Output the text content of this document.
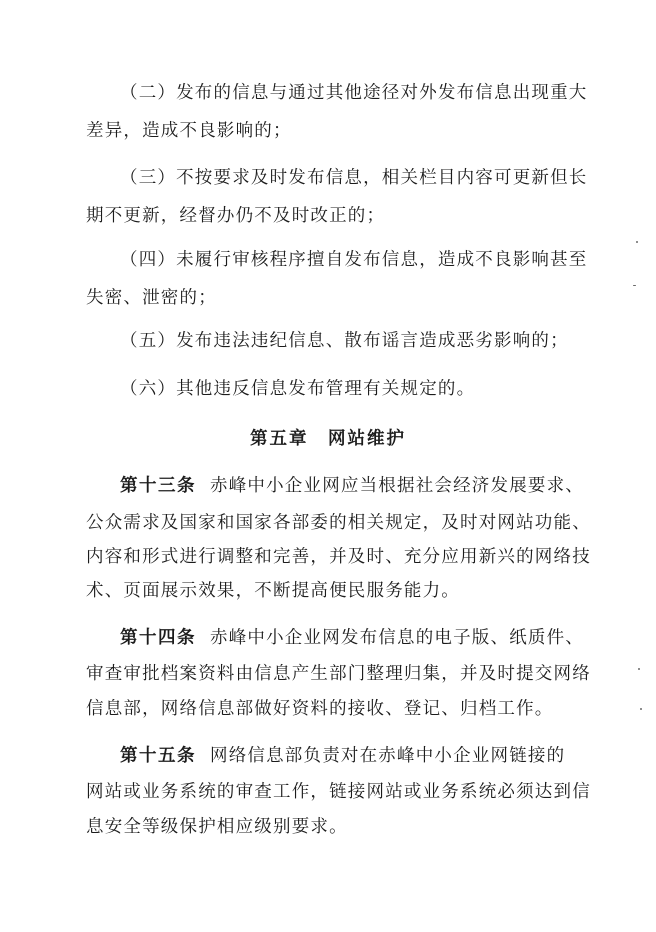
（二）发布的信息与通过其他途径对外发布信息出现重大
差异，造成不良影响的；
（三）不按要求及时发布信息，相关栏目内容可更新但长
期不更新，经督办仍不及时改正的；
（四）未履行审核程序擅自发布信息，造成不良影响甚至
失密、泄密的；
（五）发布违法违纪信息、散布谣言造成恶劣影响的；
（六）其他违反信息发布管理有关规定的。
第五章　网站维护
第十三条 赤峰中小企业网应当根据社会经济发展要求、
公众需求及国家和国家各部委的相关规定，及时对网站功能、
内容和形式进行调整和完善，并及时、充分应用新兴的网络技
术、页面展示效果，不断提高便民服务能力。
第十四条 赤峰中小企业网发布信息的电子版、纸质件、
审查审批档案资料由信息产生部门整理归集，并及时提交网络
信息部，网络信息部做好资料的接收、登记、归档工作。
第十五条 网络信息部负责对在赤峰中小企业网链接的
网站或业务系统的审查工作，链接网站或业务系统必须达到信
息安全等级保护相应级别要求。
